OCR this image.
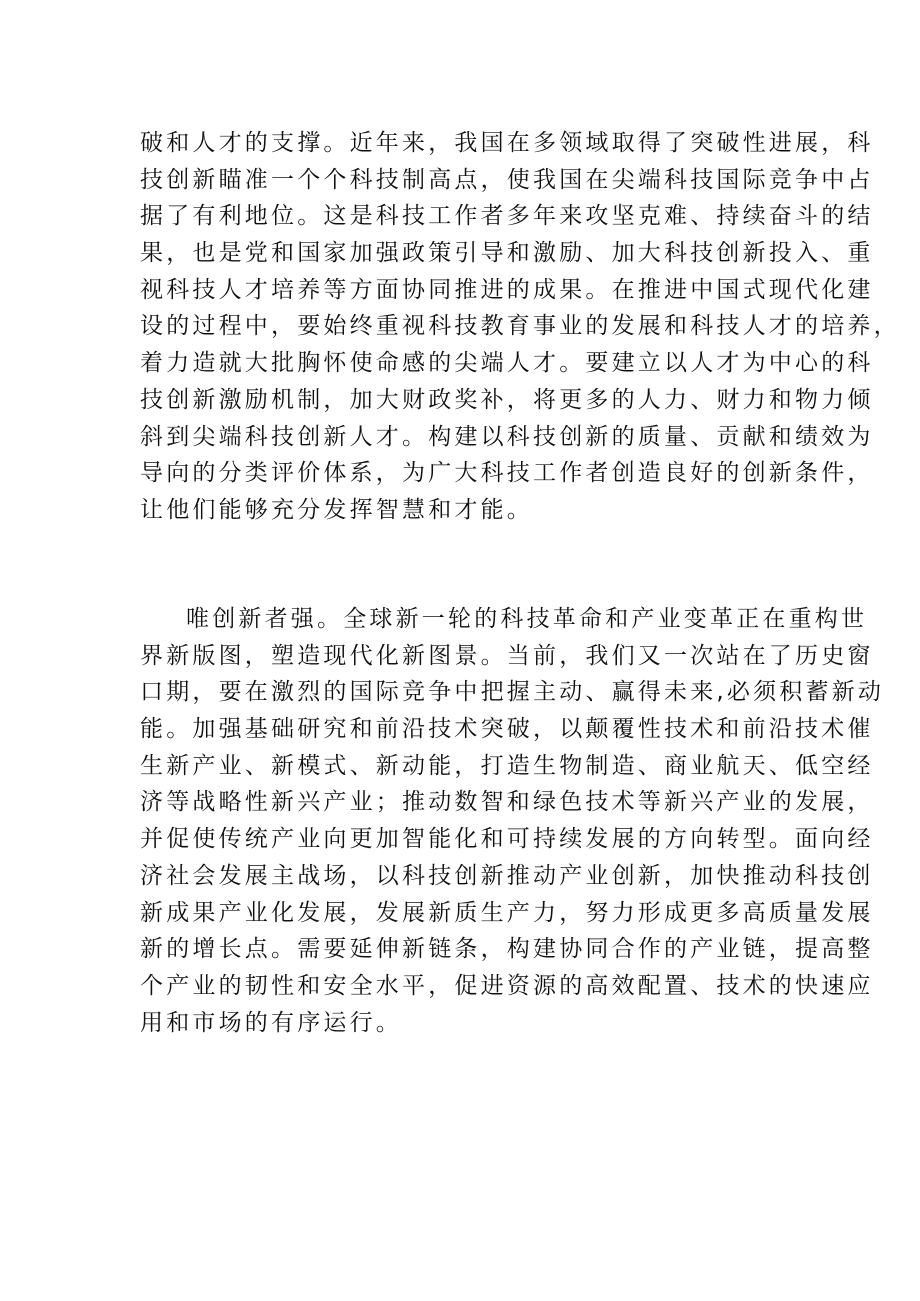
破和人才的支撑。近年来，我国在多领域取得了突破性进展，科
技创新瞄准一个个科技制高点，使我国在尖端科技国际竞争中占
据了有利地位。这是科技工作者多年来攻坚克难、持续奋斗的结
果，也是党和国家加强政策引导和激励、加大科技创新投入、重
视科技人才培养等方面协同推进的成果。在推进中国式现代化建
设的过程中，要始终重视科技教育事业的发展和科技人才的培养，
着力造就大批胸怀使命感的尖端人才。要建立以人才为中心的科
技创新激励机制，加大财政奖补，将更多的人力、财力和物力倾
斜到尖端科技创新人才。构建以科技创新的质量、贡献和绩效为
导向的分类评价体系，为广大科技工作者创造良好的创新条件，
让他们能够充分发挥智慧和才能。
唯创新者强。全球新一轮的科技革命和产业变革正在重构世
界新版图，塑造现代化新图景。当前，我们又一次站在了历史窗
口期，要在激烈的国际竞争中把握主动、赢得未来,必须积蓄新动
能。加强基础研究和前沿技术突破，以颠覆性技术和前沿技术催
生新产业、新模式、新动能，打造生物制造、商业航天、低空经
济等战略性新兴产业；推动数智和绿色技术等新兴产业的发展，
并促使传统产业向更加智能化和可持续发展的方向转型。面向经
济社会发展主战场，以科技创新推动产业创新，加快推动科技创
新成果产业化发展，发展新质生产力，努力形成更多高质量发展
新的增长点。需要延伸新链条，构建协同合作的产业链，提高整
个产业的韧性和安全水平，促进资源的高效配置、技术的快速应
用和市场的有序运行。
